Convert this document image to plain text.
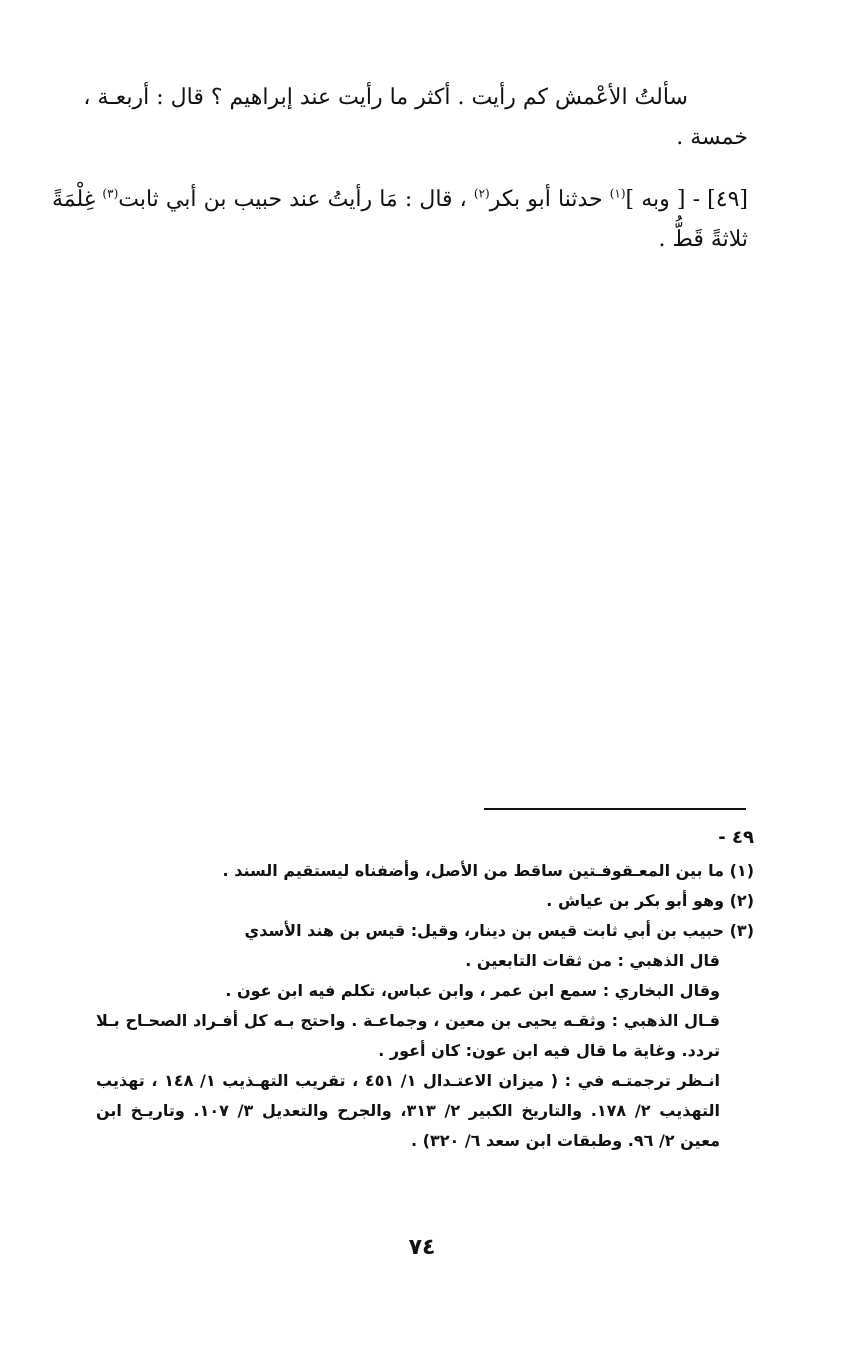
سألتُ الأعْمش كم رأيت . أكثر ما رأيت عند إبراهيم ؟ قال : أربعـة ،
خمسة .

[٤٩] - [ وبه ]$^{(١)}$ حدثنا أبو بكر$^{(٢)}$ ، قال : مَا رأيتُ عند حبيب بن أبي ثابت$^{(٣)}$ غِلْمَةً ثلاثةً قَطُّ .

٤٩ -

(١) ما بين المعـقوفـتين ساقط من الأصل، وأضفناه ليستقيم السند .

(٢) وهو أبو بكر بن عياش .

(٣) حبيب بن أبي ثابت قيس بن دينار، وقيل: قيس بن هند الأسدي

قال الذهبي : من ثقات التابعين .

وقال البخاري : سمع ابن عمر ، وابن عباس، تكلم فيه ابن عون .

قـال الذهبي : وثقـه يحيى بن معين ، وجماعـة . واحتج بـه كل أفـراد الصحـاح بـلا تردد. وغاية ما قال فيه ابن عون: كان أعور .

انـظر ترجمتـه في : ( ميزان الاعتـدال ١/ ٤٥١ ، تقريب التهـذيب ١/ ١٤٨ ، تهذيب التهذيب ٢/ ١٧٨. والتاريخ الكبير ٢/ ٣١٣، والجرح والتعديل ٣/ ١٠٧. وتاريـخ ابن معين ٢/ ٩٦. وطبقات ابن سعد ٦/ ٣٢٠) .

٧٤
